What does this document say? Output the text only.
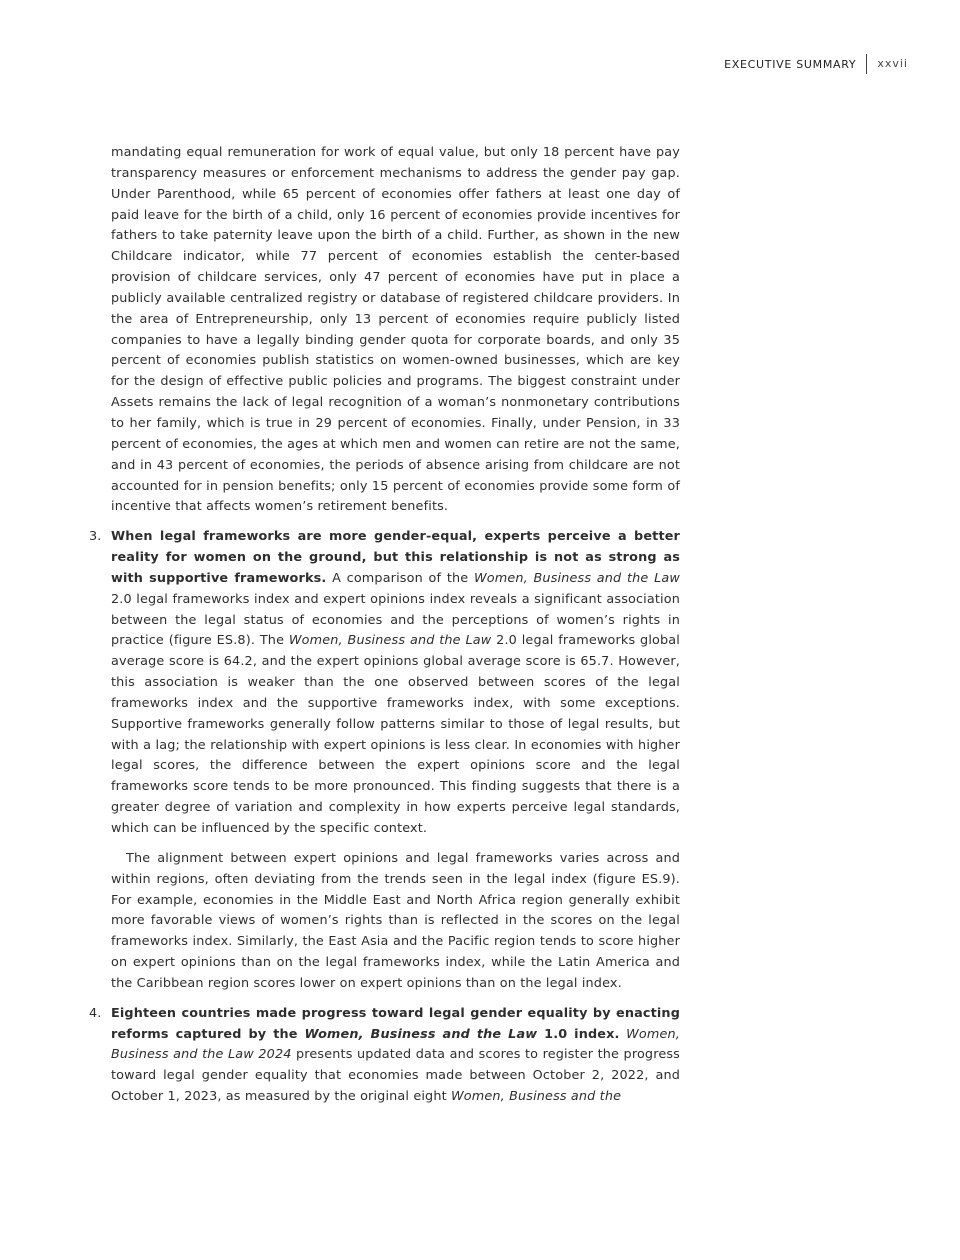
EXECUTIVE SUMMARY	xxvii

mandating equal remuneration for work of equal value, but only 18 percent have pay transparency measures or enforcement mechanisms to address the gender pay gap. Under Parenthood, while 65 percent of economies offer fathers at least one day of paid leave for the birth of a child, only 16 percent of economies provide incentives for fathers to take paternity leave upon the birth of a child. Further, as shown in the new Childcare indicator, while 77 percent of economies establish the center-based provision of childcare services, only 47 percent of economies have put in place a publicly available centralized registry or database of registered childcare providers. In the area of Entrepreneurship, only 13 percent of economies require publicly listed companies to have a legally binding gender quota for corporate boards, and only 35 percent of economies publish statistics on women-owned businesses, which are key for the design of effective public policies and programs. The biggest constraint under Assets remains the lack of legal recognition of a woman’s nonmonetary contributions to her family, which is true in 29 percent of economies. Finally, under Pension, in 33 percent of economies, the ages at which men and women can retire are not the same, and in 43 percent of economies, the periods of absence arising from childcare are not accounted for in pension benefits; only 15 percent of economies provide some form of incentive that affects women’s retirement benefits.

3. When legal frameworks are more gender-equal, experts perceive a better reality for women on the ground, but this relationship is not as strong as with supportive frameworks. A comparison of the Women, Business and the Law 2.0 legal frameworks index and expert opinions index reveals a significant association between the legal status of economies and the perceptions of women’s rights in practice (figure ES.8). The Women, Business and the Law 2.0 legal frameworks global average score is 64.2, and the expert opinions global average score is 65.7. However, this association is weaker than the one observed between scores of the legal frameworks index and the supportive frameworks index, with some exceptions. Supportive frameworks generally follow patterns similar to those of legal results, but with a lag; the relationship with expert opinions is less clear. In economies with higher legal scores, the difference between the expert opinions score and the legal frameworks score tends to be more pronounced. This finding suggests that there is a greater degree of variation and complexity in how experts perceive legal standards, which can be influenced by the specific context.

The alignment between expert opinions and legal frameworks varies across and within regions, often deviating from the trends seen in the legal index (figure ES.9). For example, economies in the Middle East and North Africa region generally exhibit more favorable views of women’s rights than is reflected in the scores on the legal frameworks index. Similarly, the East Asia and the Pacific region tends to score higher on expert opinions than on the legal frameworks index, while the Latin America and the Caribbean region scores lower on expert opinions than on the legal index.

4. Eighteen countries made progress toward legal gender equality by enacting reforms captured by the Women, Business and the Law 1.0 index. Women, Business and the Law 2024 presents updated data and scores to register the progress toward legal gender equality that economies made between October 2, 2022, and October 1, 2023, as measured by the original eight Women, Business and the
